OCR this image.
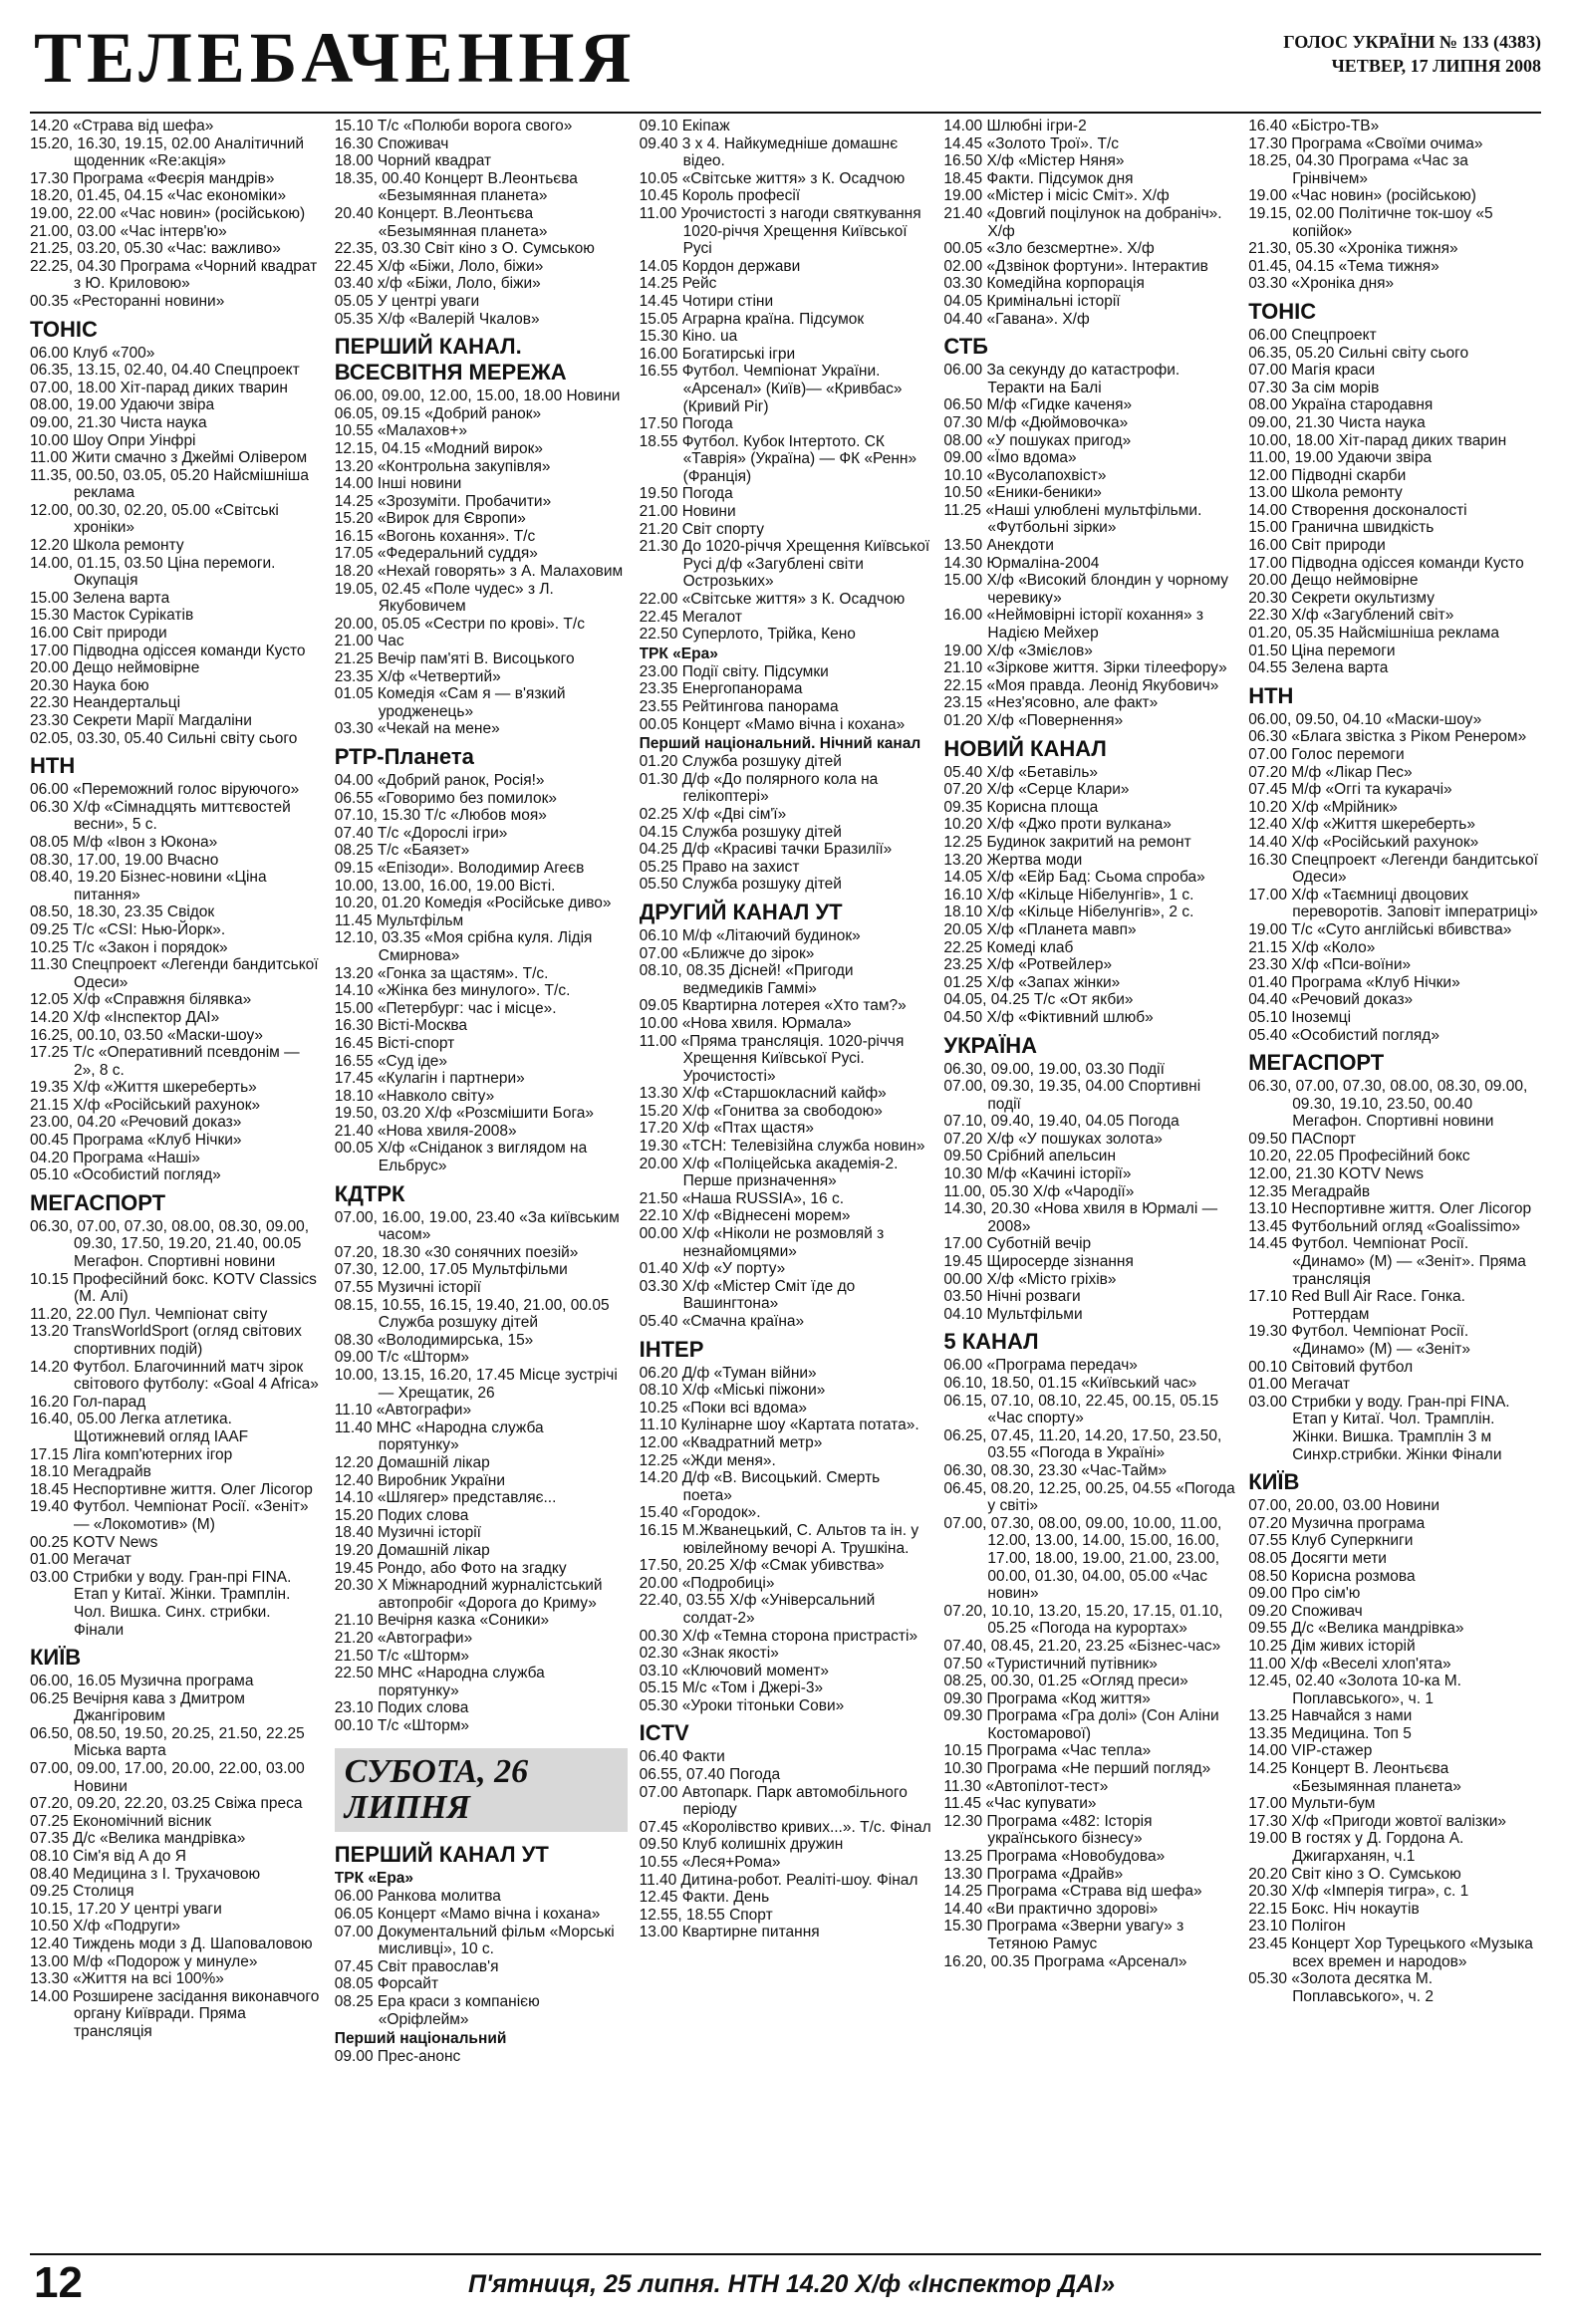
ТЕЛЕБАЧЕННЯ	ГОЛОС УКРАЇНИ № 133 (4383)
ЧЕТВЕР, 17 ЛИПНЯ 2008
14.20 «Страва від шефа»
15.20, 16.30, 19.15, 02.00 Аналітичний щоденник «Re:акція»
17.30 Програма «Феєрія мандрів»
18.20, 01.45, 04.15 «Час економіки»
19.00, 22.00 «Час новин» (російською)
21.00, 03.00 «Час інтерв'ю»
21.25, 03.20, 05.30 «Час: важливо»
22.25, 04.30 Програма «Чорний квадрат з Ю. Криловою»
00.35 «Ресторанні новини»
ТОНІС
06.00 Клуб «700»
06.35, 13.15, 02.40, 04.40 Спецпроект
07.00, 18.00 Хіт-парад диких тварин
08.00, 19.00 Удаючи звіра
09.00, 21.30 Чиста наука
10.00 Шоу Опри Уінфрі
11.00 Жити смачно з Джеймі Олівером
11.35, 00.50, 03.05, 05.20 Найсмішніша реклама
12.00, 00.30, 02.20, 05.00 «Світські хроніки»
12.20 Школа ремонту
14.00, 01.15, 03.50 Ціна перемоги. Окупація
15.00 Зелена варта
15.30 Масток Сурікатів
16.00 Світ природи
17.00 Підводна одіссея команди Кусто
20.00 Дещо неймовірне
20.30 Наука бою
22.30 Неандертальці
23.30 Секрети Марії Магдаліни
02.05, 03.30, 05.40 Сильні світу сього
НТН
06.00 «Переможний голос віруючого»
06.30 Х/ф «Сімнадцять миттєвостей весни», 5 с.
08.05 М/ф «Івон з Юкона»
08.30, 17.00, 19.00 Вчасно
08.40, 19.20 Бізнес-новини «Ціна питання»
08.50, 18.30, 23.35 Свідок
09.25 Т/с «CSI: Нью-Йорк».
10.25 Т/с «Закон і порядок»
11.30 Спецпроект «Легенди бандитської Одеси»
12.05 Х/ф «Справжня білявка»
14.20 Х/ф «Інспектор ДАІ»
16.25, 00.10, 03.50 «Маски-шоу»
17.25 Т/с «Оперативний псевдонім — 2», 8 с.
19.35 Х/ф «Життя шкереберть»
21.15 Х/ф «Російський рахунок»
23.00, 04.20 «Речовий доказ»
00.45 Програма «Клуб Нічки»
04.20 Програма «Наші»
05.10 «Особистий погляд»
МЕГАСПОРТ
06.30, 07.00, 07.30, 08.00, 08.30, 09.00, 09.30, 17.50, 19.20, 21.40, 00.05 Мегафон. Спортивні новини
10.15 Професійний бокс. KOTV Classics (М. Алі)
11.20, 22.00 Пул. Чемпіонат світу
13.20 TransWorldSport (огляд світових спортивних подій)
14.20 Футбол. Благочинний матч зірок світового футболу: «Goal 4 Africa»
16.20 Гол-парад
16.40, 05.00 Легка атлетика. Щотижневий огляд IAAF
17.15 Ліга комп'ютерних ігор
18.10 Мегадрайв
18.45 Неспортивне життя. Олег Лісогор
19.40 Футбол. Чемпіонат Росії. «Зеніт» — «Локомотив» (М)
00.25 KOTV News
01.00 Мегачат
03.00 Стрибки у воду. Гран-прі FINA. Етап у Китаї. Жінки. Трамплін. Чол. Вишка. Синх. стрибки. Фінали
КИЇВ
06.00, 16.05 Музична програма
06.25 Вечірня кава з Дмитром Джангіровим
06.50, 08.50, 19.50, 20.25, 21.50, 22.25 Міська варта
07.00, 09.00, 17.00, 20.00, 22.00, 03.00 Новини
07.20, 09.20, 22.20, 03.25 Свіжа преса
07.25 Економічний вісник
07.35 Д/с «Велика мандрівка»
08.10 Сім'я від А до Я
08.40 Медицина з І. Трухачовою
09.25 Столиця
10.15, 17.20 У центрі уваги
10.50 Х/ф «Подруги»
12.40 Тиждень моди з Д. Шаповаловою
13.00 М/ф «Подорож у минуле»
13.30 «Життя на всі 100%»
14.00 Розширене засідання виконавчого органу Київради. Пряма трансляція
15.10 Т/с «Полюби ворога свого»
16.30 Споживач
18.00 Чорний квадрат
18.35, 00.40 Концерт В.Леонтьєва «Безымянная планета»
20.40 Концерт. В.Леонтьєва «Безымянная планета»
22.35, 03.30 Світ кіно з О. Сумською
22.45 Х/ф «Біжи, Лоло, біжи»
03.40 х/ф «Біжи, Лоло, біжи»
05.05 У центрі уваги
05.35 Х/ф «Валерій Чкалов»
ПЕРШИЙ КАНАЛ. ВСЕСВІТНЯ МЕРЕЖА
06.00, 09.00, 12.00, 15.00, 18.00 Новини
06.05, 09.15 «Добрий ранок»
10.55 «Малахов+»
12.15, 04.15 «Модний вирок»
13.20 «Контрольна закупівля»
14.00 Інші новини
14.25 «Зрозуміти. Пробачити»
15.20 «Вирок для Європи»
16.15 «Вогонь кохання». Т/с
17.05 «Федеральний суддя»
18.20 «Нехай говорять» з А. Малаховим
19.05, 02.45 «Поле чудес» з Л. Якубовичем
20.00, 05.05 «Сестри по крові». Т/с
21.00 Час
21.25 Вечір пам'яті В. Висоцького
23.35 Х/ф «Четвертий»
01.05 Комедія «Сам я — в'язкий уродженець»
03.30 «Чекай на мене»
РТР-Планета
04.00 «Добрий ранок, Росія!»
06.55 «Говоримо без помилок»
07.10, 15.30 Т/с «Любов моя»
07.40 Т/с «Дорослі ігри»
08.25 Т/с «Баязет»
09.15 «Епізоди». Володимир Агеєв
10.00, 13.00, 16.00, 19.00 Вісті.
10.20, 01.20 Комедія «Російське диво»
11.45 Мультфільм
12.10, 03.35 «Моя срібна куля. Лідія Смирнова»
13.20 «Гонка за щастям». Т/с.
14.10 «Жінка без минулого». Т/с.
15.00 «Петербург: час і місце».
16.30 Вісті-Москва
16.45 Вісті-спорт
16.55 «Суд іде»
17.45 «Кулагін і партнери»
18.10 «Навколо світу»
19.50, 03.20 Х/ф «Розсмішити Бога»
21.40 «Нова хвиля-2008»
00.05 Х/ф «Сніданок з виглядом на Ельбрус»
КДТРК
07.00, 16.00, 19.00, 23.40 «За київським часом»
07.20, 18.30 «30 сонячних поезій»
07.30, 12.00, 17.05 Мультфільми
07.55 Музичні історії
08.15, 10.55, 16.15, 19.40, 21.00, 00.05 Служба розшуку дітей
08.30 «Володимирська, 15»
09.00 Т/с «Шторм»
10.00, 13.15, 16.20, 17.45 Місце зустрічі — Хрещатик, 26
11.10 «Автографи»
11.40 МНС «Народна служба порятунку»
12.20 Домашній лікар
12.40 Виробник України
14.10 «Шлягер» представляє...
15.20 Подих слова
18.40 Музичні історії
19.20 Домашній лікар
19.45 Рондо, або Фото на згадку
20.30 Х Міжнародний журналістський автопробіг «Дорога до Криму»
21.10 Вечірня казка «Соники»
21.20 «Автографи»
21.50 Т/с «Шторм»
22.50 МНС «Народна служба порятунку»
23.10 Подих слова
00.10 Т/с «Шторм»
СУБОТА, 26 ЛИПНЯ
ПЕРШИЙ КАНАЛ УТ
ТРК «Ера»
06.00 Ранкова молитва
06.05 Концерт «Мамо вічна і кохана»
07.00 Документальний фільм «Морські мисливці», 10 с.
07.45 Світ православ'я
08.05 Форсайт
08.25 Ера краси з компанією «Оріфлейм»
Перший національний
09.00 Прес-анонс
09.10 Екіпаж
09.40 3 х 4. Найкумедніше домашнє відео.
10.05 «Світське життя» з К. Осадчою
10.45 Король професії
11.00 Урочистості з нагоди святкування 1020-річчя Хрещення Київської Русі
14.05 Кордон держави
14.25 Рейс
14.45 Чотири стіни
15.05 Аграрна країна. Підсумок
15.30 Кіно. ua
16.00 Богатирські ігри
16.55 Футбол. Чемпіонат України. «Арсенал» (Київ)— «Кривбас» (Кривий Ріг)
17.50 Погода
18.55 Футбол. Кубок Інтертото. СК «Таврія» (Україна) — ФК «Ренн» (Франція)
19.50 Погода
21.00 Новини
21.20 Світ спорту
21.30 До 1020-річчя Хрещення Київської Русі д/ф «Загублені світи Острозьких»
22.00 «Світське життя» з К. Осадчою
22.45 Мегалот
22.50 Суперлото, Трійка, Кено
ТРК «Ера»
23.00 Події світу. Підсумки
23.35 Енергопанорама
23.55 Рейтингова панорама
00.05 Концерт «Мамо вічна і кохана»
Перший національний. Нічний канал
01.20 Служба розшуку дітей
01.30 Д/ф «До полярного кола на гелікоптері»
02.25 Х/ф «Дві сім'ї»
04.15 Служба розшуку дітей
04.25 Д/ф «Красиві тачки Бразилії»
05.25 Право на захист
05.50 Служба розшуку дітей
ДРУГИЙ КАНАЛ УТ
06.10 М/ф «Літаючий будинок»
07.00 «Ближче до зірок»
08.10, 08.35 Дісней! «Пригоди ведмедиків Гаммі»
09.05 Квартирна лотерея «Хто там?»
10.00 «Нова хвиля. Юрмала»
11.00 «Пряма трансляція. 1020-річчя Хрещення Київської Русі. Урочистості»
13.30 Х/ф «Старшокласний кайф»
15.20 Х/ф «Гонитва за свободою»
17.20 Х/ф «Птах щастя»
19.30 «ТСН: Телевізійна служба новин»
20.00 Х/ф «Поліцейська академія-2. Перше призначення»
21.50 «Наша RUSSIA», 16 с.
22.10 Х/ф «Віднесені морем»
00.00 Х/ф «Ніколи не розмовляй з незнайомцями»
01.40 Х/ф «У порту»
03.30 Х/ф «Містер Сміт їде до Вашингтона»
05.40 «Смачна країна»
ІНТЕР
06.20 Д/ф «Туман війни»
08.10 Х/ф «Міські піжони»
10.25 «Поки всі вдома»
11.10 Кулінарне шоу «Картата потата».
12.00 «Квадратний метр»
12.25 «Жди меня».
14.20 Д/ф «В. Висоцький. Смерть поета»
15.40 «Городок».
16.15 М.Жванецький, С. Альтов та ін. у ювілейному вечорі А. Трушкіна.
17.50, 20.25 Х/ф «Смак убивства»
20.00 «Подробиці»
22.40, 03.55 Х/ф «Універсальний солдат-2»
00.30 Х/ф «Темна сторона пристрасті»
02.30 «Знак якості»
03.10 «Ключовий момент»
05.15 М/с «Том і Джері-3»
05.30 «Уроки тітоньки Сови»
ICTV
06.40 Факти
06.55, 07.40 Погода
07.00 Автопарк. Парк автомобільного періоду
07.45 «Королівство кривих...». Т/с. Фінал
09.50 Клуб колишніх дружин
10.55 «Леся+Рома»
11.40 Дитина-робот. Реаліті-шоу. Фінал
12.45 Факти. День
12.55, 18.55 Спорт
13.00 Квартирне питання
14.00 Шлюбні ігри-2
14.45 «Золото Трої». Т/с
16.50 Х/ф «Містер Няня»
18.45 Факти. Підсумок дня
19.00 «Містер і місіс Сміт». Х/ф
21.40 «Довгий поцілунок на добраніч». Х/ф
00.05 «Зло безсмертне». Х/ф
02.00 «Дзвінок фортуни». Інтерактив
03.30 Комедійна корпорація
04.05 Кримінальні історії
04.40 «Гавана». Х/ф
СТБ
06.00 За секунду до катастрофи. Теракти на Балі
06.50 М/ф «Гидке каченя»
07.30 М/ф «Дюймовочка»
08.00 «У пошуках пригод»
09.00 «Їмо вдома»
10.10 «Вусолапохвіст»
10.50 «Еники-беники»
11.25 «Наші улюблені мультфільми. «Футбольні зірки»
13.50 Анекдоти
14.30 Юрмаліна-2004
15.00 Х/ф «Високий блондин у чорному черевику»
16.00 «Неймовірні історії кохання» з Надією Мейхер
19.00 Х/ф «Змієлов»
21.10 «Зіркове життя. Зірки тілеефору»
22.15 «Моя правда. Леонід Якубович»
23.15 «Нез'ясовно, але факт»
01.20 Х/ф «Повернення»
НОВИЙ КАНАЛ
05.40 Х/ф «Бетавіль»
07.20 Х/ф «Серце Клари»
09.35 Корисна площа
10.20 Х/ф «Джо проти вулкана»
12.25 Будинок закритий на ремонт
13.20 Жертва моди
14.05 Х/ф «Ейр Бад: Сьома спроба»
16.10 Х/ф «Кільце Нібелунгів», 1 с.
18.10 Х/ф «Кільце Нібелунгів», 2 с.
20.05 Х/ф «Планета мавп»
22.25 Комеді клаб
23.25 Х/ф «Ротвейлер»
01.25 Х/ф «Запах жінки»
04.05, 04.25 Т/с «От якби»
04.50 Х/ф «Фіктивний шлюб»
УКРАЇНА
06.30, 09.00, 19.00, 03.30 Події
07.00, 09.30, 19.35, 04.00 Спортивні події
07.10, 09.40, 19.40, 04.05 Погода
07.20 Х/ф «У пошуках золота»
09.50 Срібний апельсин
10.30 М/ф «Качині історії»
11.00, 05.30 Х/ф «Чародії»
14.30, 20.30 «Нова хвиля в Юрмалі — 2008»
17.00 Суботній вечір
19.45 Щиросерде зізнання
00.00 Х/ф «Місто гріхів»
03.50 Нічні розваги
04.10 Мультфільми
5 КАНАЛ
06.00 «Програма передач»
06.10, 18.50, 01.15 «Київський час»
06.15, 07.10, 08.10, 22.45, 00.15, 05.15 «Час спорту»
06.25, 07.45, 11.20, 14.20, 17.50, 23.50, 03.55 «Погода в Україні»
06.30, 08.30, 23.30 «Час-Тайм»
06.45, 08.20, 12.25, 00.25, 04.55 «Погода у світі»
07.00, 07.30, 08.00, 09.00, 10.00, 11.00, 12.00, 13.00, 14.00, 15.00, 16.00, 17.00, 18.00, 19.00, 21.00, 23.00, 00.00, 01.30, 04.00, 05.00 «Час новин»
07.20, 10.10, 13.20, 15.20, 17.15, 01.10, 05.25 «Погода на курортах»
07.40, 08.45, 21.20, 23.25 «Бізнес-час»
07.50 «Туристичний путівник»
08.25, 00.30, 01.25 «Огляд преси»
09.30 Програма «Код життя»
09.30 Програма «Гра долі» (Сон Аліни Костомарової)
10.15 Програма «Час тепла»
10.30 Програма «Не перший погляд»
11.30 «Автопілот-тест»
11.45 «Час купувати»
12.30 Програма «482: Історія українського бізнесу»
13.25 Програма «Новобудова»
13.30 Програма «Драйв»
14.25 Програма «Страва від шефа»
14.40 «Ви практично здорові»
15.30 Програма «Зверни увагу» з Тетяною Рамус
16.20, 00.35 Програма «Арсенал»
16.40 «Бістро-ТВ»
17.30 Програма «Своїми очима»
18.25, 04.30 Програма «Час за Грінвічем»
19.00 «Час новин» (російською)
19.15, 02.00 Політичне ток-шоу «5 копійок»
21.30, 05.30 «Хроніка тижня»
01.45, 04.15 «Тема тижня»
03.30 «Хроніка дня»
ТОНІС
06.00 Спецпроект
06.35, 05.20 Сильні світу сього
07.00 Магія краси
07.30 За сім морів
08.00 Україна стародавня
09.00, 21.30 Чиста наука
10.00, 18.00 Хіт-парад диких тварин
11.00, 19.00 Удаючи звіра
12.00 Підводні скарби
13.00 Школа ремонту
14.00 Створення досконалості
15.00 Гранична швидкість
16.00 Світ природи
17.00 Підводна одіссея команди Кусто
20.00 Дещо неймовірне
20.30 Секрети окультизму
22.30 Х/ф «Загублений світ»
01.20, 05.35 Найсмішніша реклама
01.50 Ціна перемоги
04.55 Зелена варта
НТН
06.00, 09.50, 04.10 «Маски-шоу»
06.30 «Блага звістка з Ріком Ренером»
07.00 Голос перемоги
07.20 М/ф «Лікар Пес»
07.45 М/ф «Оггі та кукарачі»
10.20 Х/ф «Мрійник»
12.40 Х/ф «Життя шкереберть»
14.40 Х/ф «Російський рахунок»
16.30 Спецпроект «Легенди бандитської Одеси»
17.00 Х/ф «Таємниці двоцових переворотів. Заповіт імператриці»
19.00 Т/с «Суто англійські вбивства»
21.15 Х/ф «Коло»
23.30 Х/ф «Пси-воїни»
01.40 Програма «Клуб Нічки»
04.40 «Речовий доказ»
05.10 Іноземці
05.40 «Особистий погляд»
МЕГАСПОРТ
06.30, 07.00, 07.30, 08.00, 08.30, 09.00, 09.30, 19.10, 23.50, 00.40 Мегафон. Спортивні новини
09.50 ПАСпорт
10.20, 22.05 Професійний бокс
12.00, 21.30 KOTV News
12.35 Мегадрайв
13.10 Неспортивне життя. Олег Лісогор
13.45 Футбольний огляд «Goalissimo»
14.45 Футбол. Чемпіонат Росії. «Динамо» (М) — «Зеніт». Пряма трансляція
17.10 Red Bull Air Race. Гонка. Роттердам
19.30 Футбол. Чемпіонат Росії. «Динамо» (М) — «Зеніт»
00.10 Світовий футбол
01.00 Мегачат
03.00 Стрибки у воду. Гран-прі FINA. Етап у Китаї. Чол. Трамплін. Жінки. Вишка. Трамплін 3 м Синхр.стрибки. Жінки Фінали
КИЇВ
07.00, 20.00, 03.00 Новини
07.20 Музична програма
07.55 Клуб Суперкниги
08.05 Досягти мети
08.50 Корисна розмова
09.00 Про сім'ю
09.20 Споживач
09.55 Д/с «Велика мандрівка»
10.25 Дім живих історій
11.00 Х/ф «Веселі хлоп'ята»
12.45, 02.40 «Золота 10-ка М. Поплавського», ч. 1
13.25 Навчайся з нами
13.35 Медицина. Топ 5
14.00 VIP-стажер
14.25 Концерт В. Леонтьєва «Безымянная планета»
17.00 Мульти-бум
17.30 Х/ф «Пригоди жовтої валізки»
19.00 В гостях у Д. Гордона А. Джигарханян, ч.1
20.20 Світ кіно з О. Сумською
20.30 Х/ф «Імперія тигра», с. 1
22.15 Бокс. Ніч нокаутів
23.10 Полігон
23.45 Концерт Хор Турецького «Музыка всех времен и народов»
05.30 «Золота десятка М. Поплавського», ч. 2
12	П'ятниця, 25 липня. НТН 14.20 Х/ф «Інспектор ДАІ»
